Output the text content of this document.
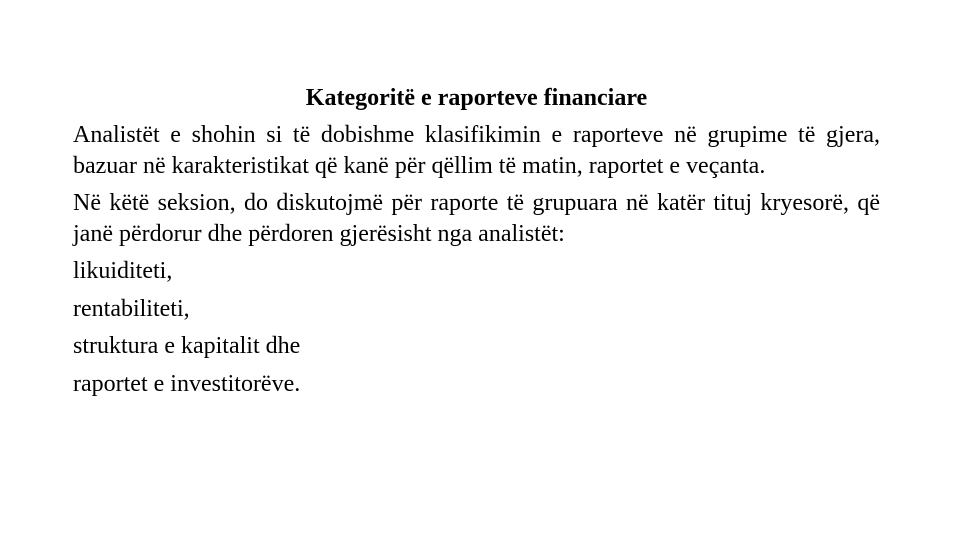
Kategoritë e raporteve financiare

Analistët e shohin si të dobishme klasifikimin e raporteve në grupime të gjera, bazuar në karakteristikat që kanë për qëllim të matin, raportet e veçanta.

Në këtë seksion, do diskutojmë për raporte të grupuara në katër tituj kryesorë, që janë përdorur dhe përdoren gjerësisht nga analistët:

likuiditeti,
rentabiliteti,
struktura e kapitalit dhe
raportet e investitorëve.
